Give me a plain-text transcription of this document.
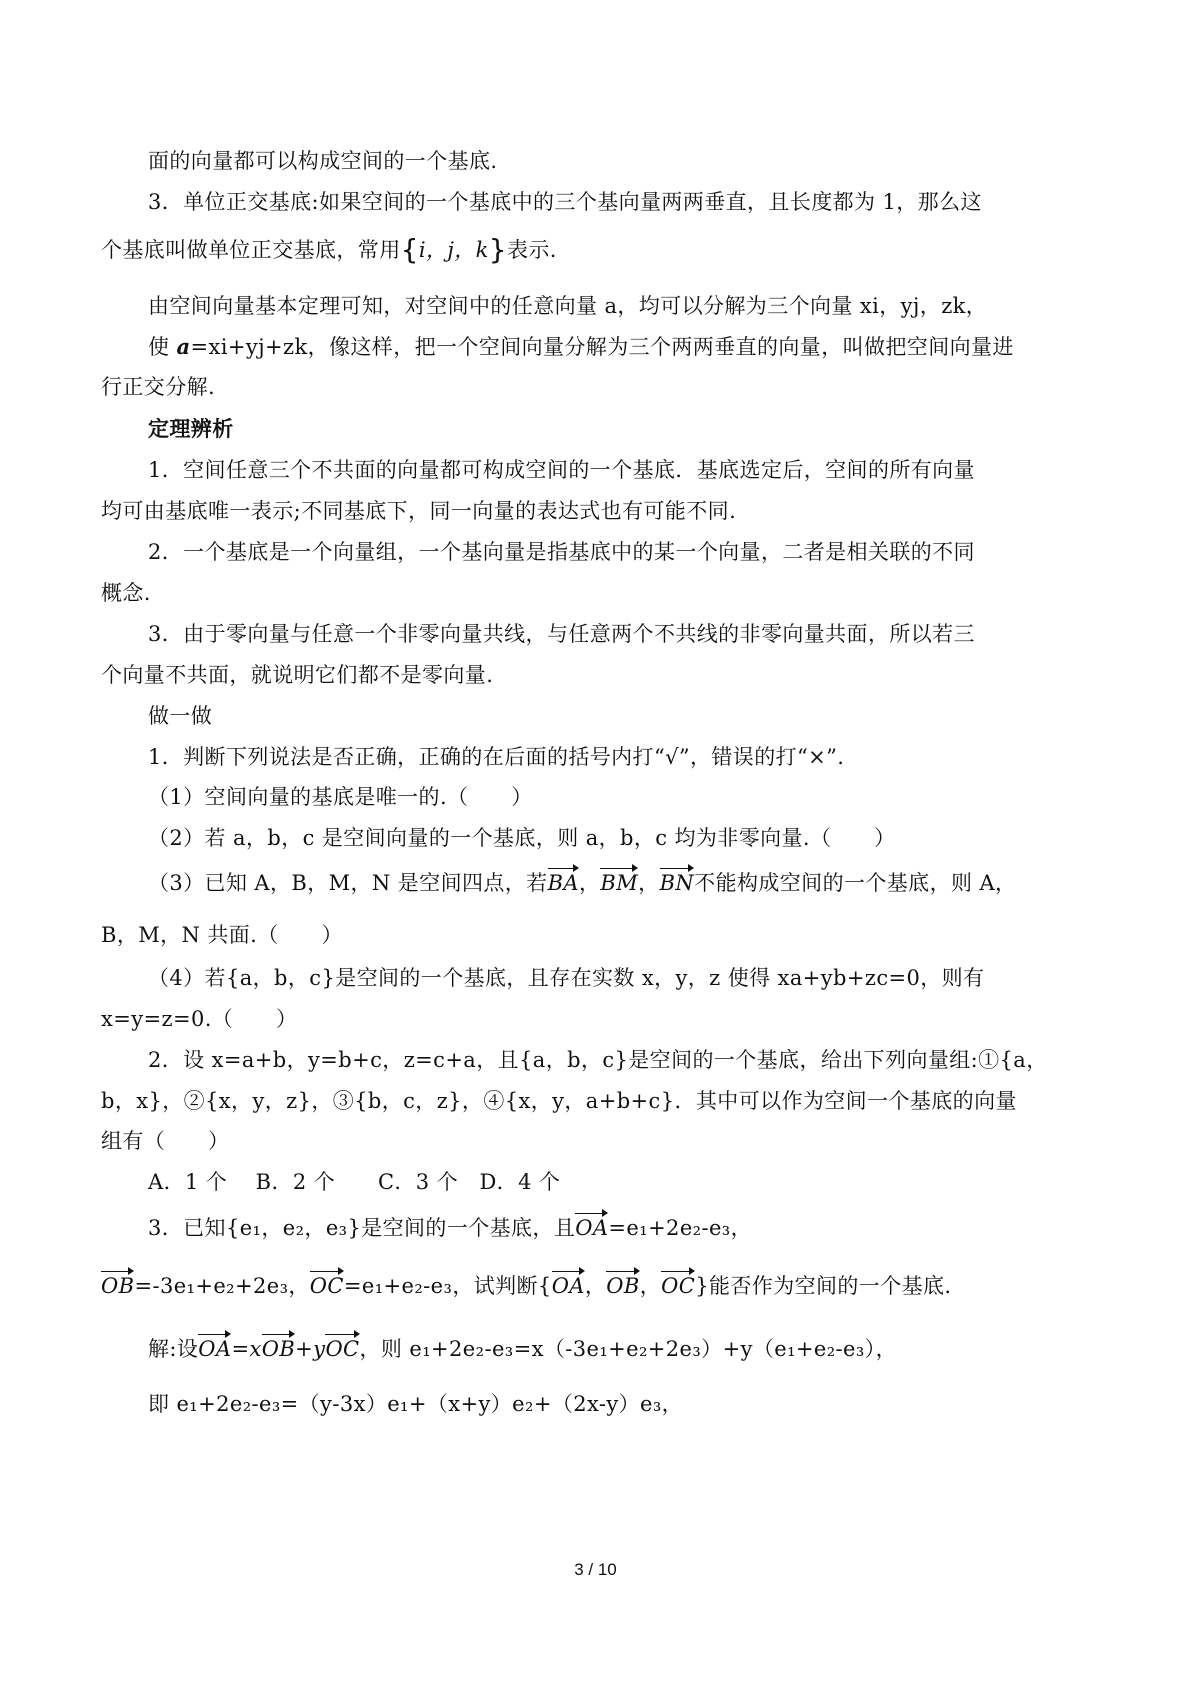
面的向量都可以构成空间的一个基底.
3．单位正交基底:如果空间的一个基底中的三个基向量两两垂直，且长度都为 1，那么这
个基底叫做单位正交基底，常用{i，j，k}表示.
由空间向量基本定理可知，对空间中的任意向量 a，均可以分解为三个向量 xi，yj，zk，
使 a=xi+yj+zk，像这样，把一个空间向量分解为三个两两垂直的向量，叫做把空间向量进
行正交分解.
定理辨析
1．空间任意三个不共面的向量都可构成空间的一个基底．基底选定后，空间的所有向量
均可由基底唯一表示;不同基底下，同一向量的表达式也有可能不同.
2．一个基底是一个向量组，一个基向量是指基底中的某一个向量，二者是相关联的不同
概念.
3．由于零向量与任意一个非零向量共线，与任意两个不共线的非零向量共面，所以若三
个向量不共面，就说明它们都不是零向量.
做一做
1．判断下列说法是否正确，正确的在后面的括号内打“√”，错误的打“×”.
（1）空间向量的基底是唯一的.（　　）
（2）若 a，b，c 是空间向量的一个基底，则 a，b，c 均为非零向量.（　　）
（3）已知 A，B，M，N 是空间四点，若BA，BM，BN不能构成空间的一个基底，则 A，
B，M，N 共面.（　　）
（4）若{a，b，c}是空间的一个基底，且存在实数 x，y，z 使得 xa+yb+zc=0，则有
x=y=z=0.（　　）
2．设 x=a+b，y=b+c，z=c+a，且{a，b，c}是空间的一个基底，给出下列向量组:①{a，
b，x}，②{x，y，z}，③{b，c，z}，④{x，y，a+b+c}．其中可以作为空间一个基底的向量
组有（　　）
A．1 个　 B．2 个　　C．3 个　D．4 个
3．已知{e₁，e₂，e₃}是空间的一个基底，且OA=e₁+2e₂-e₃，
OB=-3e₁+e₂+2e₃，OC=e₁+e₂-e₃，试判断{OA，OB，OC}能否作为空间的一个基底.
解:设OA=xOB+yOC，则 e₁+2e₂-e₃=x（-3e₁+e₂+2e₃）+y（e₁+e₂-e₃），
即 e₁+2e₂-e₃=（y-3x）e₁+（x+y）e₂+（2x-y）e₃，
3 / 10
